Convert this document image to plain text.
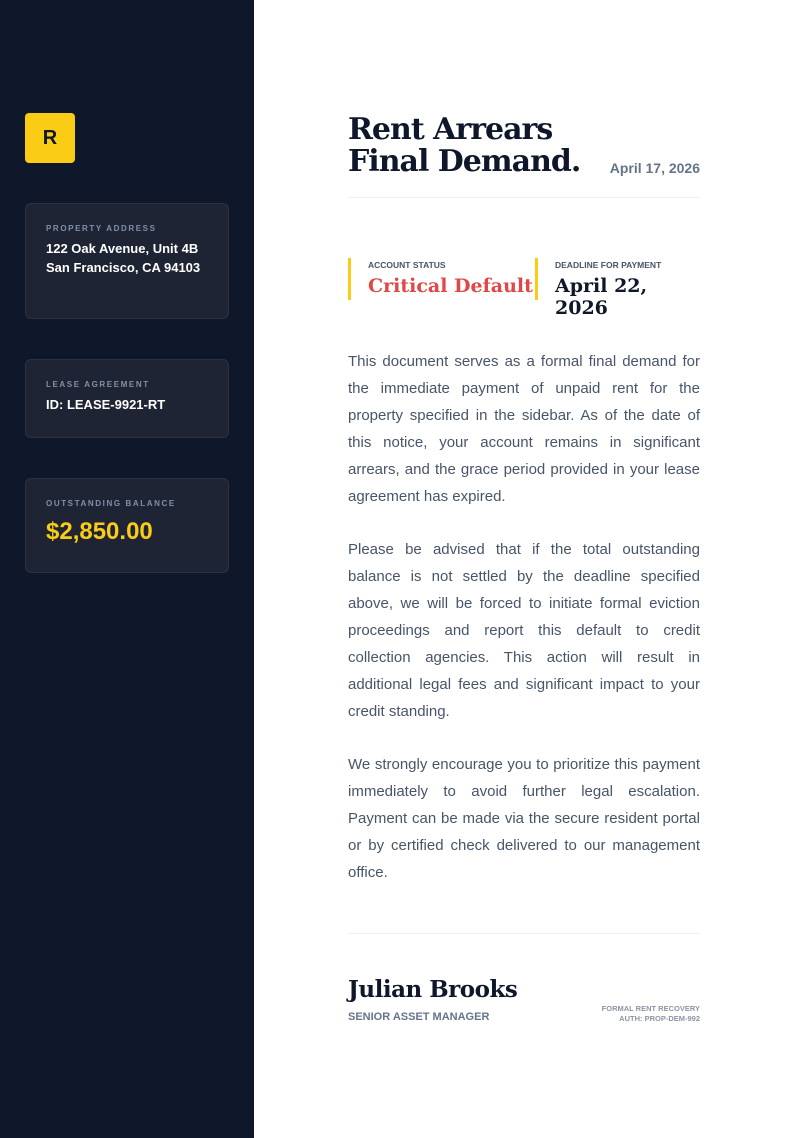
R
PROPERTY ADDRESS
122 Oak Avenue, Unit 4B
San Francisco, CA 94103
LEASE AGREEMENT
ID: LEASE-9921-RT
OUTSTANDING BALANCE
$2,850.00
Rent Arrears
Final Demand. April 17, 2026
ACCOUNT STATUS
Critical Default
DEADLINE FOR PAYMENT
April 22, 2026

This document serves as a formal final demand for the immediate payment of unpaid rent for the property specified in the sidebar. As of the date of this notice, your account remains in significant arrears, and the grace period provided in your lease agreement has expired.

Please be advised that if the total outstanding balance is not settled by the deadline specified above, we will be forced to initiate formal eviction proceedings and report this default to credit collection agencies. This action will result in additional legal fees and significant impact to your credit standing.

We strongly encourage you to prioritize this payment immediately to avoid further legal escalation. Payment can be made via the secure resident portal or by certified check delivered to our management office.

Julian Brooks
SENIOR ASSET MANAGER
FORMAL RENT RECOVERY
AUTH: PROP-DEM-992
